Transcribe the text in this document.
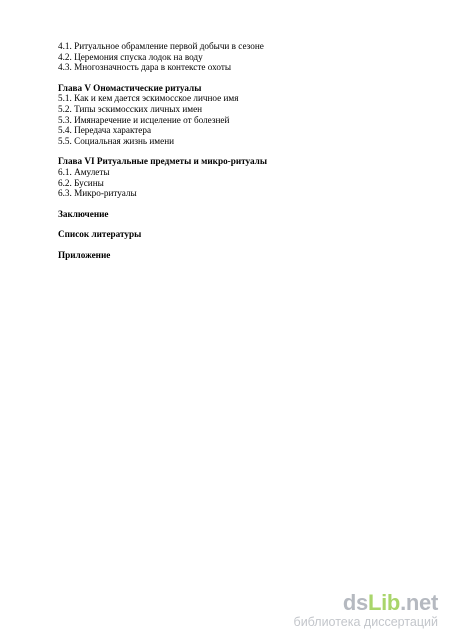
4.1. Ритуальное обрамление первой добычи в сезоне
4.2. Церемония спуска лодок на воду
4.3. Многозначность дара в контексте охоты
Глава V Ономастические ритуалы
5.1. Как и кем дается эскимосское личное имя
5.2. Типы эскимосских личных имен
5.3. Имянаречение и исцеление от болезней
5.4. Передача характера
5.5. Социальная жизнь имени
Глава VI Ритуальные предметы и микро-ритуалы
6.1. Амулеты
6.2. Бусины
6.3. Микро-ритуалы
Заключение
Список литературы
Приложение
dsLib.net
библиотека диссертаций
